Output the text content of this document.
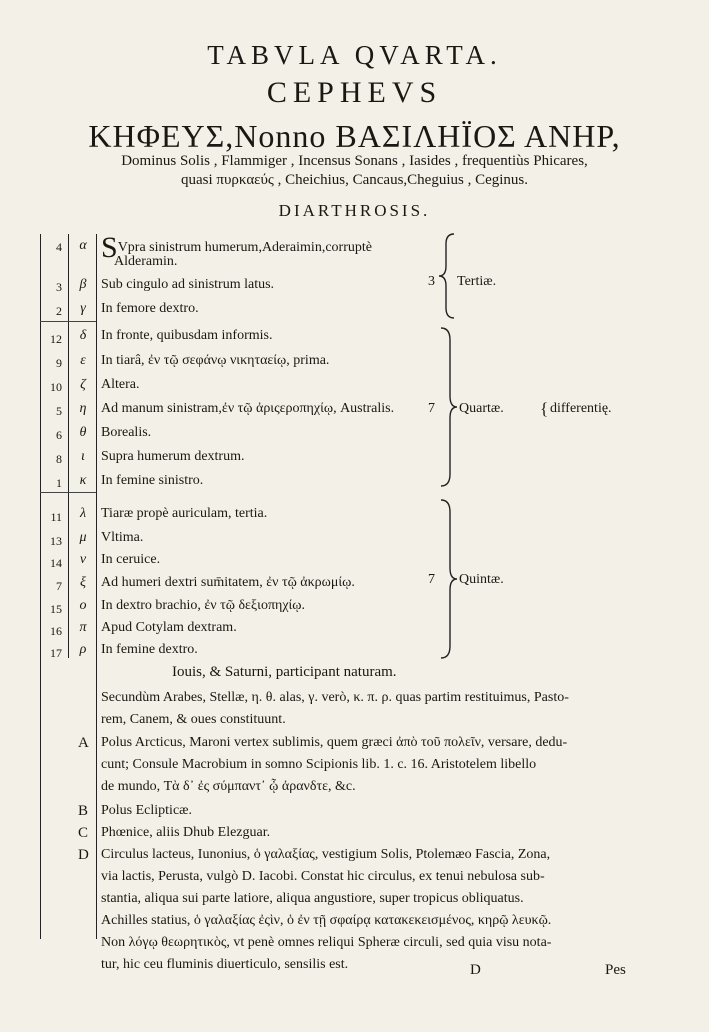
TABVLA QVARTA.
CEPHEVS
ΚΗΦΕΥΣ,Nonno ΒΑΣΙΛΗΪΟΣ ΑΝΗΡ,
Dominus Solis , Flammiger , Incensus Sonans , Iasides , frequentiùs Phicares,
quasi πυρκαεύς , Cheichius, Cancaus,Cheguius , Ceginus.
DIARTHROSIS.
4	α SVpra sinistrum humerum,Aderaimin,corruptè
Alderamin.
3	β	Sub cingulo ad sinistrum latus.
2	γ	In femore dextro.
12	δ	In fronte, quibusdam informis.
9	ε	In tiarâ, ἐν τῷ σεφάνῳ νικηταείῳ, prima.
10	ζ	Altera.
5	η	Ad manum sinistram,ἐν τῷ ἀριςεροπηχίῳ, Australis.
6	θ	Borealis.
8	ι	Supra humerum dextrum.
1	κ	In femine sinistro.
11	λ	Tiaræ propè auriculam, tertia.
13	μ	Vltima.
14	ν	In ceruice.
7	ξ	Ad humeri dextri sum̄itatem, ἐν τῷ ἀκρωμίῳ.
15	ο	In dextro brachio, ἐν τῷ δεξιοπηχίῳ.
16	π	Apud Cotylam dextram.
17	ρ	In femine dextro.
3 Tertiæ.
7 Quartæ. { differentię.
7 Quintæ.
Iouis, & Saturni, participant naturam.
Secundùm Arabes, Stellæ, η. θ. alas, γ. verò, κ. π. ρ. quas partim restituimus, Pasto-
rem, Canem, & oues constituunt.
A Polus Arcticus, Maroni vertex sublimis, quem græci ἀπὸ τοῦ πολεῖν, versare, dedu-
cunt; Consule Macrobium in somno Scipionis lib. 1. c. 16. Aristotelem libello
de mundo, Τὰ δ᾽ ἐς σύμπαντ᾽ ᾦ ἀρανδτε, &c.
B Polus Eclipticæ.
C Phœnice, aliis Dhub Elezguar.
D Circulus lacteus, Iunonius, ὁ γαλαξίας, vestigium Solis, Ptolemæo Fascia, Zona,
via lactis, Perusta, vulgò D. Iacobi. Constat hic circulus, ex tenui nebulosa sub-
stantia, aliqua sui parte latiore, aliqua angustiore, super tropicus obliquatus.
Achilles statius, ὁ γαλαξίας ἐςὶν, ὁ ἐν τῇ σφαίρᾳ κατακεκεισμένος, κηρῷ λευκῷ.
Non λόγῳ θεωρητικὸς, vt penè omnes reliqui Spheræ circuli, sed quia visu nota-
tur, hic ceu fluminis diuerticulo, sensilis est.	D	Pes
